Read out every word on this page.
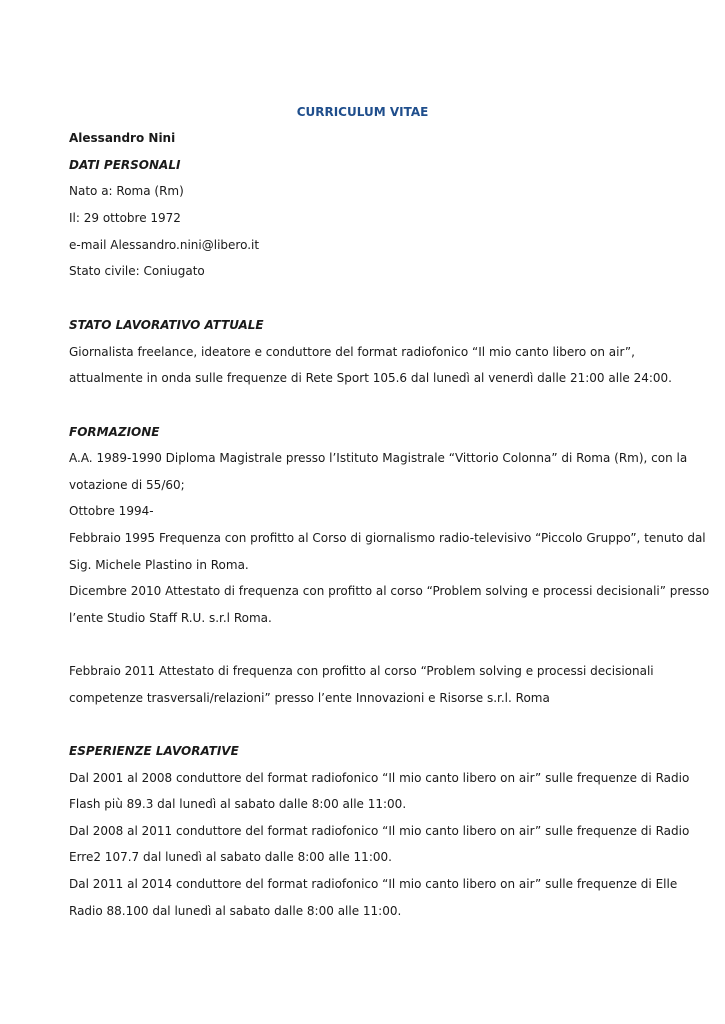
CURRICULUM VITAE
Alessandro Nini
DATI PERSONALI
Nato a: Roma (Rm)
Il: 29 ottobre 1972
e-mail Alessandro.nini@libero.it
Stato civile: Coniugato
STATO LAVORATIVO ATTUALE
Giornalista freelance, ideatore e conduttore del format radiofonico “Il mio canto libero on air”,
attualmente in onda sulle frequenze di Rete Sport 105.6 dal lunedì al venerdì dalle 21:00 alle 24:00.
FORMAZIONE
A.A. 1989-1990 Diploma Magistrale presso l’Istituto Magistrale “Vittorio Colonna” di Roma (Rm), con la
votazione di 55/60;
Ottobre 1994-
Febbraio 1995 Frequenza con profitto al Corso di giornalismo radio-televisivo “Piccolo Gruppo”, tenuto dal
Sig. Michele Plastino in Roma.
Dicembre 2010 Attestato di frequenza con profitto al corso “Problem solving e processi decisionali” presso
l’ente Studio Staff R.U. s.r.l Roma.
Febbraio 2011 Attestato di frequenza con profitto al corso “Problem solving e processi decisionali
competenze trasversali/relazioni” presso l’ente Innovazioni e Risorse s.r.l. Roma
ESPERIENZE LAVORATIVE
Dal 2001 al 2008 conduttore del format radiofonico “Il mio canto libero on air” sulle frequenze di Radio
Flash più 89.3 dal lunedì al sabato dalle 8:00 alle 11:00.
Dal 2008 al 2011 conduttore del format radiofonico “Il mio canto libero on air” sulle frequenze di Radio
Erre2 107.7 dal lunedì al sabato dalle 8:00 alle 11:00.
Dal 2011 al 2014 conduttore del format radiofonico “Il mio canto libero on air” sulle frequenze di Elle
Radio 88.100 dal lunedì al sabato dalle 8:00 alle 11:00.
